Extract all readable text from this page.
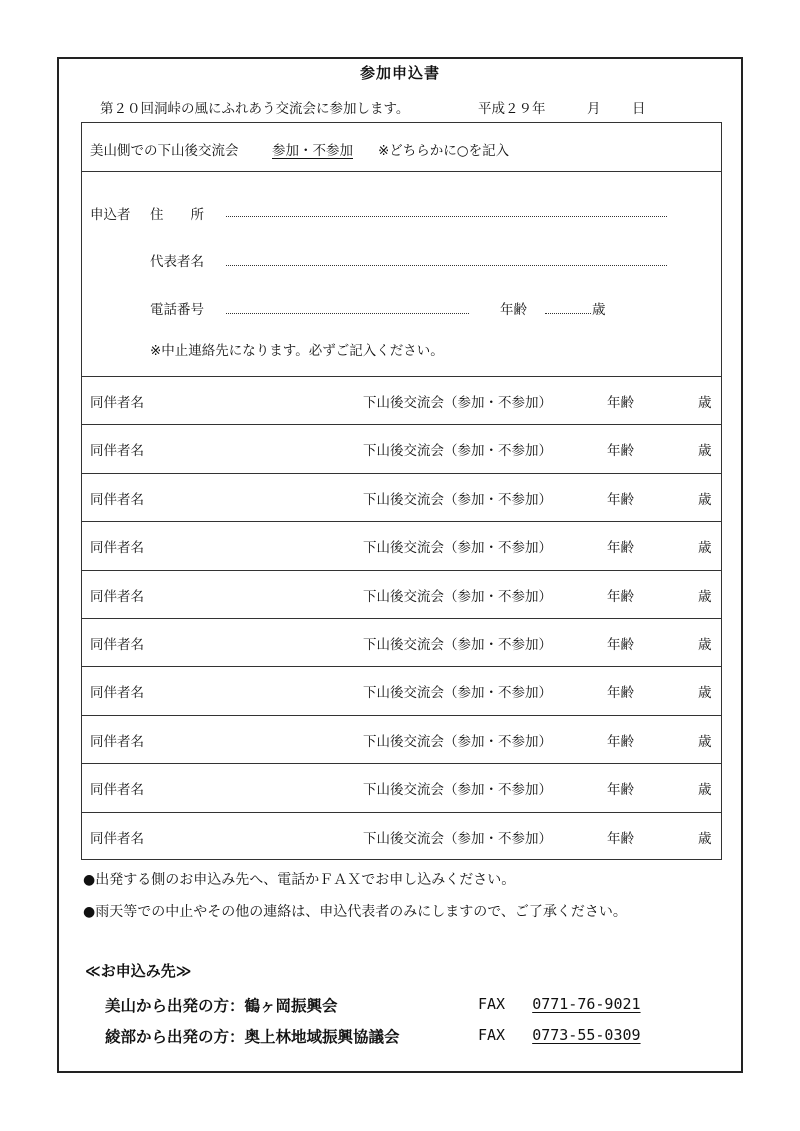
参加申込書
第２０回洞峠の風にふれあう交流会に参加します。	平成２９年	月 日
美山側での下山後交流会 参加・不参加 ※どちらかに○を記入
申込者 住　　所
代表者名
電話番号	年齢	歳
※中止連絡先になります。必ずご記入ください。
同伴者名	下山後交流会（参加・不参加）	年齢	歳
同伴者名	下山後交流会（参加・不参加）	年齢	歳
同伴者名	下山後交流会（参加・不参加）	年齢	歳
同伴者名	下山後交流会（参加・不参加）	年齢	歳
同伴者名	下山後交流会（参加・不参加）	年齢	歳
同伴者名	下山後交流会（参加・不参加）	年齢	歳
同伴者名	下山後交流会（参加・不参加）	年齢	歳
同伴者名	下山後交流会（参加・不参加）	年齢	歳
同伴者名	下山後交流会（参加・不参加）	年齢	歳
同伴者名	下山後交流会（参加・不参加）	年齢	歳
●出発する側のお申込み先へ、電話かＦＡＸでお申し込みください。
●雨天等での中止やその他の連絡は、申込代表者のみにしますので、ご了承ください。
≪お申込み先≫
美山から出発の方：鶴ヶ岡振興会	FAX 0771-76-9021
綾部から出発の方：奥上林地域振興協議会	FAX 0773-55-0309
